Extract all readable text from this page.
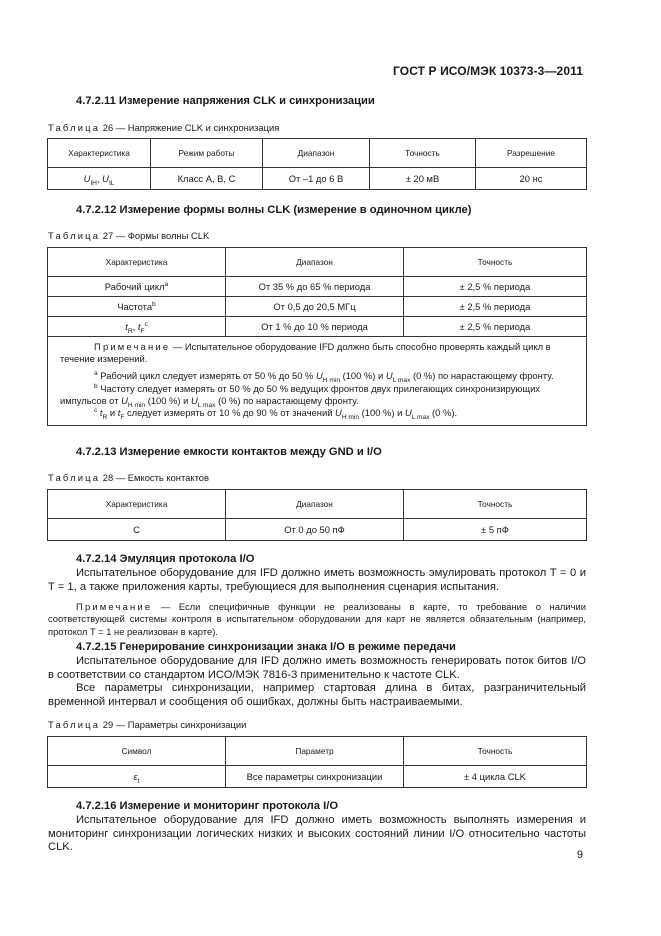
ГОСТ Р ИСО/МЭК 10373-3—2011
4.7.2.11 Измерение напряжения CLK и синхронизации
Таблица 26 — Напряжение CLK и синхронизация
Характеристика	Режим работы	Диапазон	Точность	Разрешение
$U_{IH}$, $U_{IL}$	Класс A, B, C	От –1 до 6 В	± 20 мВ	20 нс
4.7.2.12 Измерение формы волны CLK (измерение в одиночном цикле)
Таблица 27 — Формы волны CLK
Характеристика	Диапазон	Точность
Рабочий цикл$^a$	От 35 % до 65 % периода	± 2,5 % периода
Частота$^b$	От 0,5 до 20,5 МГц	± 2,5 % периода
$t_R$, $t_F^c$	От 1 % до 10 % периода	± 2,5 % периода

Примечание — Испытательное оборудование IFD должно быть способно проверять каждый цикл в течение измерений.
$^a$ Рабочий цикл следует измерять от 50 % до 50 % $U_{H min}$ (100 %) и $U_{L max}$ (0 %) по нарастающему фронту.
$^b$ Частоту следует измерять от 50 % до 50 % ведущих фронтов двух прилегающих синхронизирующих импульсов от $U_{H min}$ (100 %) и $U_{L max}$ (0 %) по нарастающему фронту.
$^c$ $t_R$ и $t_F$ следует измерять от 10 % до 90 % от значений $U_{H min}$ (100 %) и $U_{L max}$ (0 %).		
4.7.2.13 Измерение емкости контактов между GND и I/O
Таблица 28 — Емкость контактов
Характеристика	Диапазон	Точность
C	От 0 до 50 пФ	± 5 пФ
4.7.2.14 Эмуляция протокола I/O

Испытательное оборудование для IFD должно иметь возможность эмулировать протокол T = 0 и T = 1, а также приложения карты, требующиеся для выполнения сценария испытания.

Примечание — Если специфичные функции не реализованы в карте, то требование о наличии соответствующей системы контроля в испытательном оборудовании для карт не является обязательным (например, протокол T = 1 не реализован в карте).
4.7.2.15 Генерирование синхронизации знака I/O в режиме передачи

Испытательное оборудование для IFD должно иметь возможность генерировать поток битов I/O в соответствии со стандартом ИСО/МЭК 7816-3 применительно к частоте CLK.

Все параметры синхронизации, например стартовая длина в битах, разграничительный временной интервал и сообщения об ошибках, должны быть настраиваемыми.

Таблица 29 — Параметры синхронизации
Символ	Параметр	Точность
$\varepsilon_t$	Все параметры синхронизации	± 4 цикла CLK
4.7.2.16 Измерение и мониторинг протокола I/O

Испытательное оборудование для IFD должно иметь возможность выполнять измерения и мониторинг синхронизации логических низких и высоких состояний линии I/O относительно частоты CLK.

9
